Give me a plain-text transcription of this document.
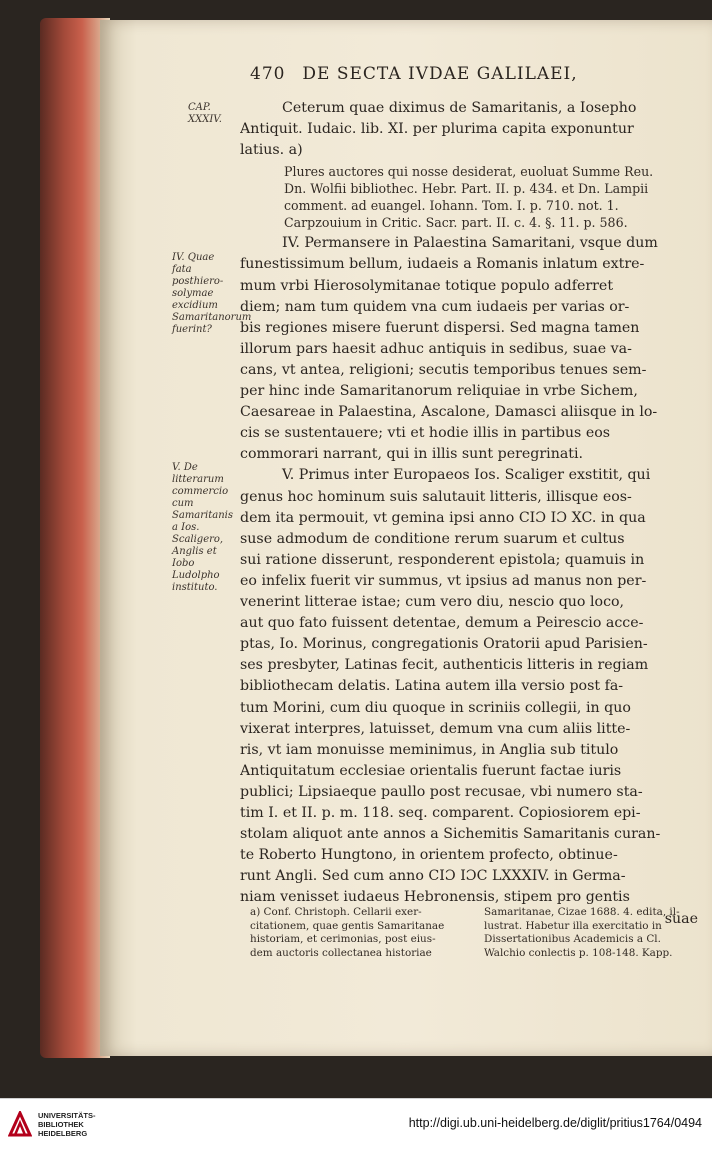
470 DE SECTA IVDAE GALILAEI,
CAP. XXXIV.
IV. Quae fata posthiero-solymae excidium Samaritanorum fuerint?
V. De litterarum commercio cum Samaritanis a Ios. Scaligero, Anglis et Iobo Ludolpho instituto.
Ceterum quae diximus de Samaritanis, a Iosepho
Antiquit. Iudaic. lib. XI. per plurima capita exponuntur
latius. a)
IV. Permansere in Palaestina Samaritani, vsque dum
funestissimum bellum, iudaeis a Romanis inlatum extre-
mum vrbi Hierosolymitanae totique populo adferret
diem; nam tum quidem vna cum iudaeis per varias or-
bis regiones misere fuerunt dispersi. Sed magna tamen
illorum pars haesit adhuc antiquis in sedibus, suae va-
cans, vt antea, religioni; secutis temporibus tenues sem-
per hinc inde Samaritanorum reliquiae in vrbe Sichem,
Caesareae in Palaestina, Ascalone, Damasci aliisque in lo-
cis se sustentauere; vti et hodie illis in partibus eos
commorari narrant, qui in illis sunt peregrinati.
V. Primus inter Europaeos Ios. Scaliger exstitit, qui
genus hoc hominum suis salutauit litteris, illisque eos-
dem ita permouit, vt gemina ipsi anno CIƆ IƆ XC. in qua
suse admodum de conditione rerum suarum et cultus
sui ratione disserunt, responderent epistola; quamuis in
eo infelix fuerit vir summus, vt ipsius ad manus non per-
venerint litterae istae; cum vero diu, nescio quo loco,
aut quo fato fuissent detentae, demum a Peirescio acce-
ptas, Io. Morinus, congregationis Oratorii apud Parisien-
ses presbyter, Latinas fecit, authenticis litteris in regiam
bibliothecam delatis. Latina autem illa versio post fa-
tum Morini, cum diu quoque in scriniis collegii, in quo
vixerat interpres, latuisset, demum vna cum aliis litte-
ris, vt iam monuisse meminimus, in Anglia sub titulo
Antiquitatum ecclesiae orientalis fuerunt factae iuris
publici; Lipsiaeque paullo post recusae, vbi numero sta-
tim I. et II. p. m. 118. seq. comparent. Copiosiorem epi-
stolam aliquot ante annos a Sichemitis Samaritanis curan-
te Roberto Hungtono, in orientem profecto, obtinue-
runt Angli. Sed cum anno CIƆ IƆC LXXXIV. in Germa-
niam venisset iudaeus Hebronensis, stipem pro gentis
suae
Plures auctores qui nosse desiderat, euoluat Summe Reu.
Dn. Wolfii bibliothec. Hebr. Part. II. p. 434. et Dn. Lampii
comment. ad euangel. Iohann. Tom. I. p. 710. not. 1.
Carpzouium in Critic. Sacr. part. II. c. 4. §. 11. p. 586.
a) Conf. Christoph. Cellarii exer-
citationem, quae gentis Samaritanae
historiam, et cerimonias, post eius-
dem auctoris collectanea historiae
Samaritanae, Cizae 1688. 4. edita, il-
lustrat. Habetur illa exercitatio in
Dissertationibus Academicis a Cl.
Walchio conlectis p. 108-148. Kapp.
UNIVERSITÄTS-
BIBLIOTHEK
HEIDELBERG
http://digi.ub.uni-heidelberg.de/diglit/pritius1764/0494
